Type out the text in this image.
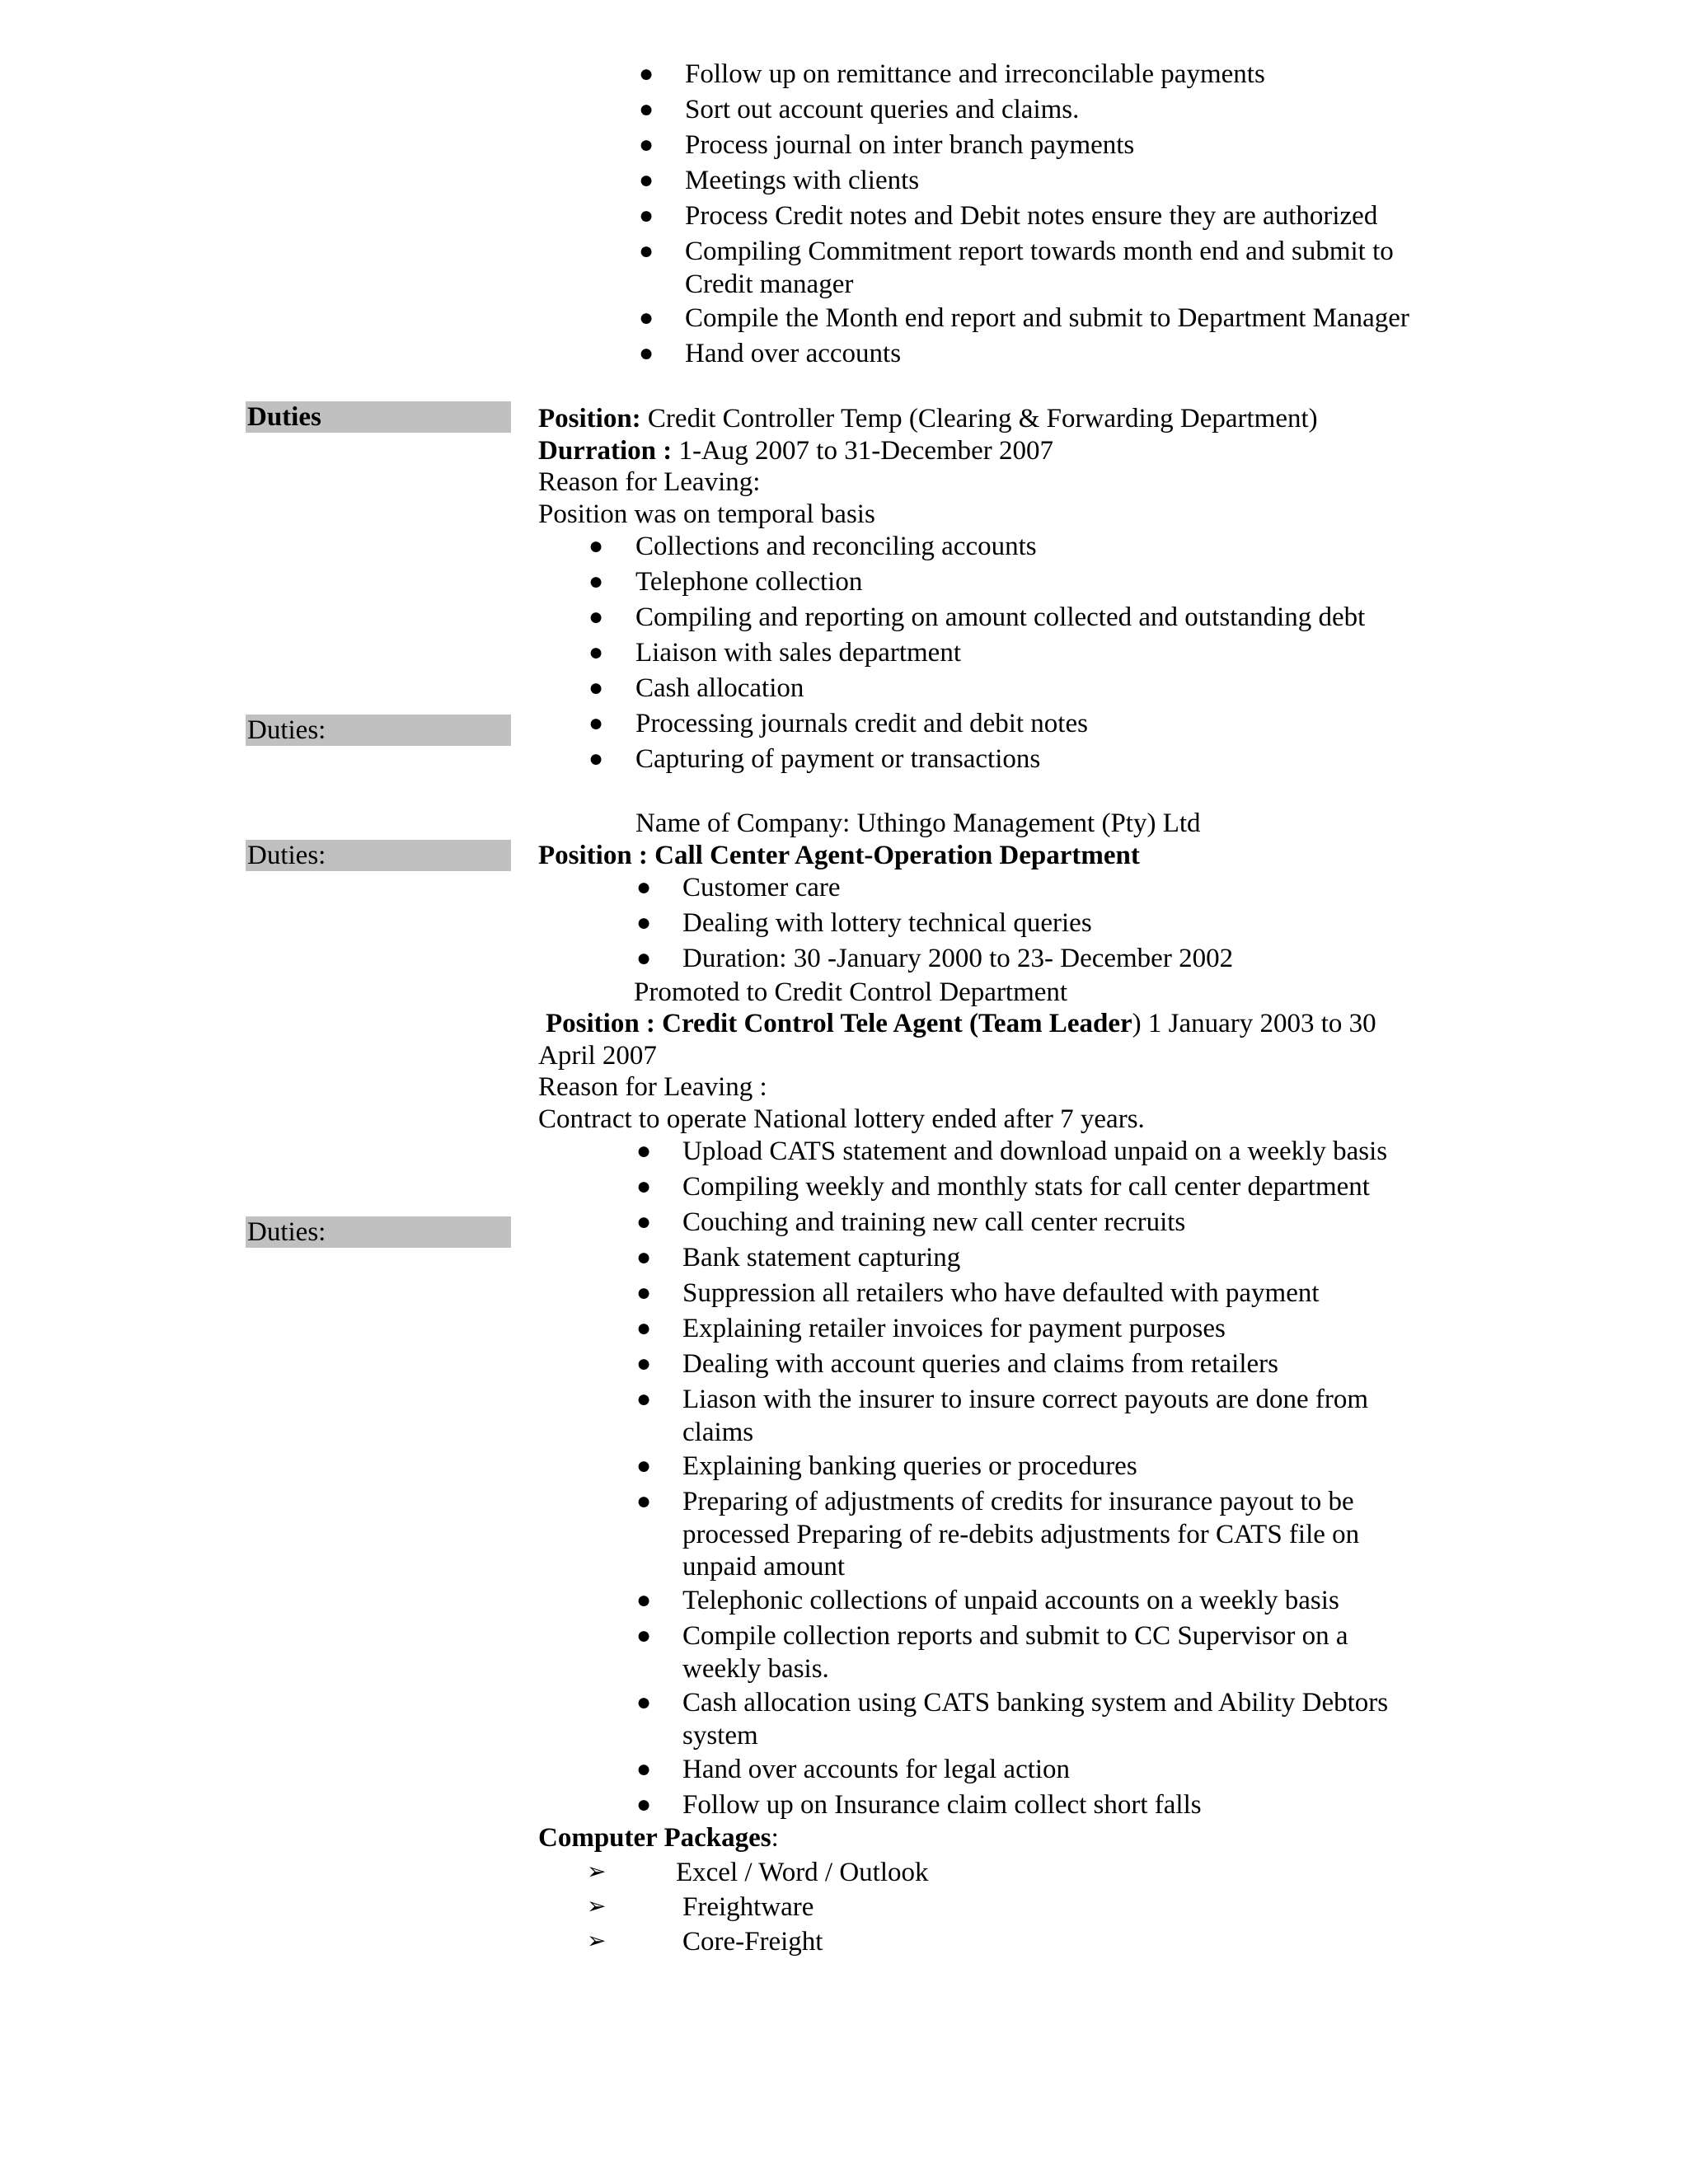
● Follow up on remittance and irreconcilable payments
● Sort out account queries and claims.
● Process journal on inter branch payments
● Meetings with clients
● Process Credit notes and Debit notes ensure they are authorized
● Compiling Commitment report towards month end and submit to
Credit manager
● Compile the Month end report and submit to Department Manager
● Hand over accounts
Duties
Duties:
Duties:
Duties:
Position: Credit Controller Temp (Clearing & Forwarding Department)
Durration : 1-Aug 2007 to 31-December 2007
Reason for Leaving:
Position was on temporal basis
● Collections and reconciling accounts
● Telephone collection
● Compiling and reporting on amount collected and outstanding debt
● Liaison with sales department
● Cash allocation
● Processing journals credit and debit notes
● Capturing of payment or transactions
Name of Company: Uthingo Management (Pty) Ltd
Position : Call Center Agent-Operation Department
● Customer care
● Dealing with lottery technical queries
● Duration: 30 -January 2000 to 23- December 2002
Promoted to Credit Control Department
Position : Credit Control Tele Agent (Team Leader) 1 January 2003 to 30
April 2007
Reason for Leaving :
Contract to operate National lottery ended after 7 years.
● Upload CATS statement and download unpaid on a weekly basis
● Compiling weekly and monthly stats for call center department
● Couching and training new call center recruits
● Bank statement capturing
● Suppression all retailers who have defaulted with payment
● Explaining retailer invoices for payment purposes
● Dealing with account queries and claims from retailers
● Liason with the insurer to insure correct payouts are done from
claims
● Explaining banking queries or procedures
● Preparing of adjustments of credits for insurance payout to be
processed Preparing of re-debits adjustments for CATS file on
unpaid amount
● Telephonic collections of unpaid accounts on a weekly basis
● Compile collection reports and submit to CC Supervisor on a
weekly basis.
● Cash allocation using CATS banking system and Ability Debtors
system
● Hand over accounts for legal action
● Follow up on Insurance claim collect short falls
Computer Packages:
➢	Excel / Word / Outlook
➢	Freightware
➢	Core-Freight
